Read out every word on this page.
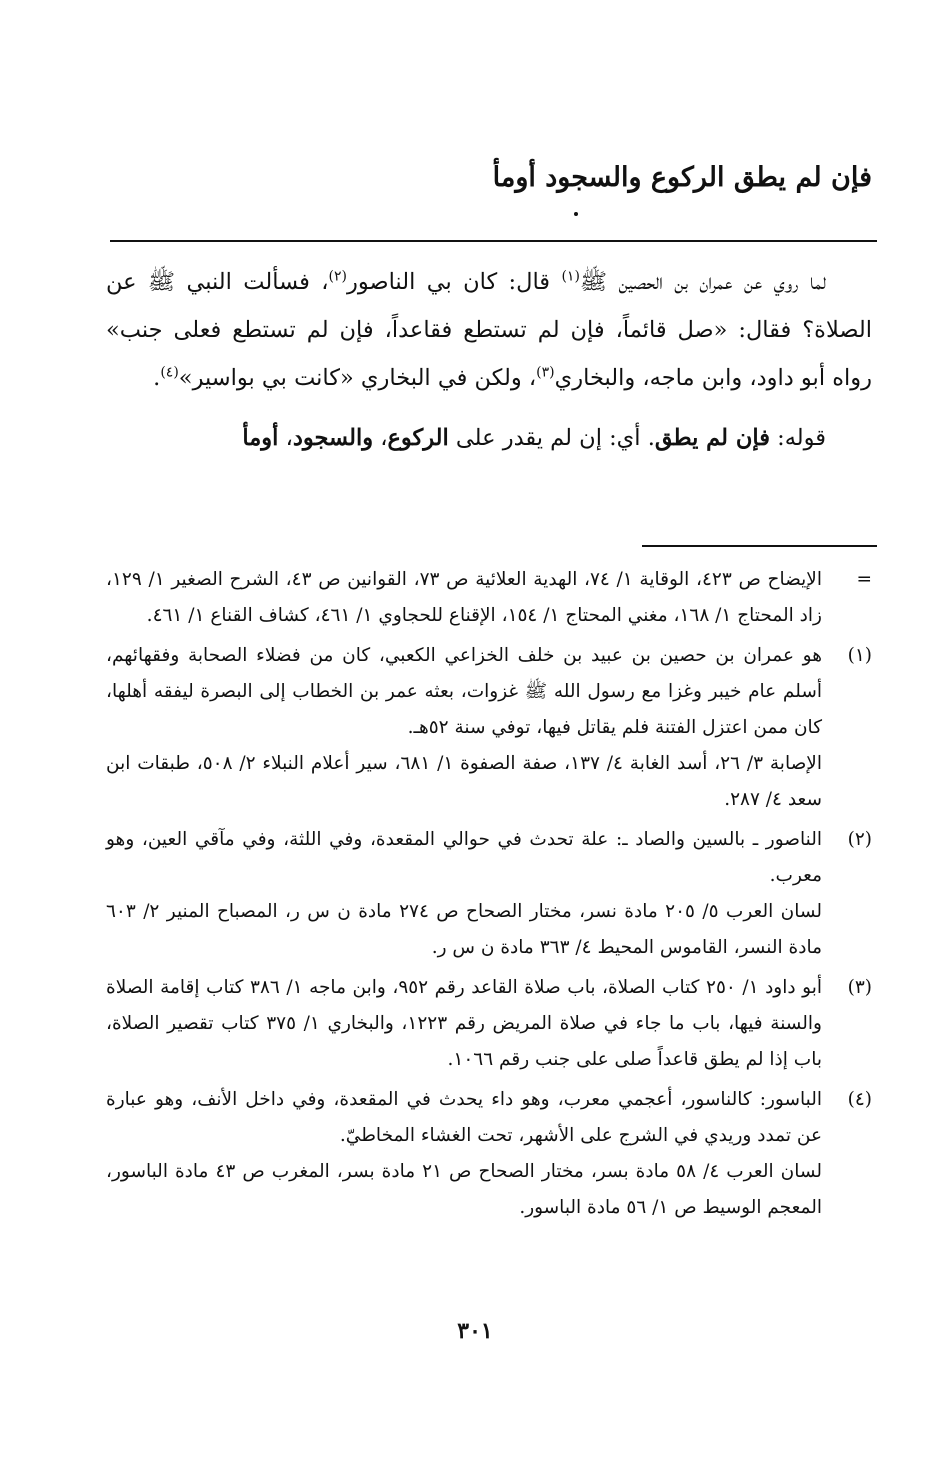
فإن لم يطق الركوع والسجود أومأ

لما روي عن عمران بن الحصين ﷺ$^{(١)}$ قال: كان بي الناصور$^{(٢)}$، فسألت النبي ﷺ عن الصلاة؟ فقال: «صل قائماً، فإن لم تستطع فقاعداً، فإن لم تستطع فعلى جنب» رواه أبو داود، وابن ماجه، والبخاري$^{(٣)}$، ولكن في البخاري «كانت بي بواسير»$^{(٤)}$.

قوله: فإن لم يطق. أي: إن لم يقدر على الركوع، والسجود، أومأ

=

الإيضاح ص ٤٢٣، الوقاية ١/ ٧٤، الهدية العلائية ص ٧٣، القوانين ص ٤٣، الشرح الصغير ١/ ١٢٩، زاد المحتاج ١/ ١٦٨، مغني المحتاج ١/ ١٥٤، الإقناع للحجاوي ١/ ٤٦١، كشاف القناع ١/ ٤٦١.

(١)

هو عمران بن حصين بن عبيد بن خلف الخزاعي الكعبي، كان من فضلاء الصحابة وفقهائهم، أسلم عام خيبر وغزا مع رسول الله ﷺ غزوات، بعثه عمر بن الخطاب إلى البصرة ليفقه أهلها، كان ممن اعتزل الفتنة فلم يقاتل فيها، توفي سنة ٥٢هـ.

الإصابة ٣/ ٢٦، أسد الغابة ٤/ ١٣٧، صفة الصفوة ١/ ٦٨١، سير أعلام النبلاء ٢/ ٥٠٨، طبقات ابن سعد ٤/ ٢٨٧.

(٢)

الناصور ـ بالسين والصاد ـ: علة تحدث في حوالي المقعدة، وفي اللثة، وفي مآقي العين، وهو معرب.

لسان العرب ٥/ ٢٠٥ مادة نسر، مختار الصحاح ص ٢٧٤ مادة ن س ر، المصباح المنير ٢/ ٦٠٣ مادة النسر، القاموس المحيط ٤/ ٣٦٣ مادة ن س ر.

(٣)

أبو داود ١/ ٢٥٠ كتاب الصلاة، باب صلاة القاعد رقم ٩٥٢، وابن ماجه ١/ ٣٨٦ كتاب إقامة الصلاة والسنة فيها، باب ما جاء في صلاة المريض رقم ١٢٢٣، والبخاري ١/ ٣٧٥ كتاب تقصير الصلاة، باب إذا لم يطق قاعداً صلى على جنب رقم ١٠٦٦.

(٤)

الباسور: كالناسور، أعجمي معرب، وهو داء يحدث في المقعدة، وفي داخل الأنف، وهو عبارة عن تمدد وريدي في الشرج على الأشهر، تحت الغشاء المخاطيّ.

لسان العرب ٤/ ٥٨ مادة بسر، مختار الصحاح ص ٢١ مادة بسر، المغرب ص ٤٣ مادة الباسور، المعجم الوسيط ص ١/ ٥٦ مادة الباسور.

٣٠١
